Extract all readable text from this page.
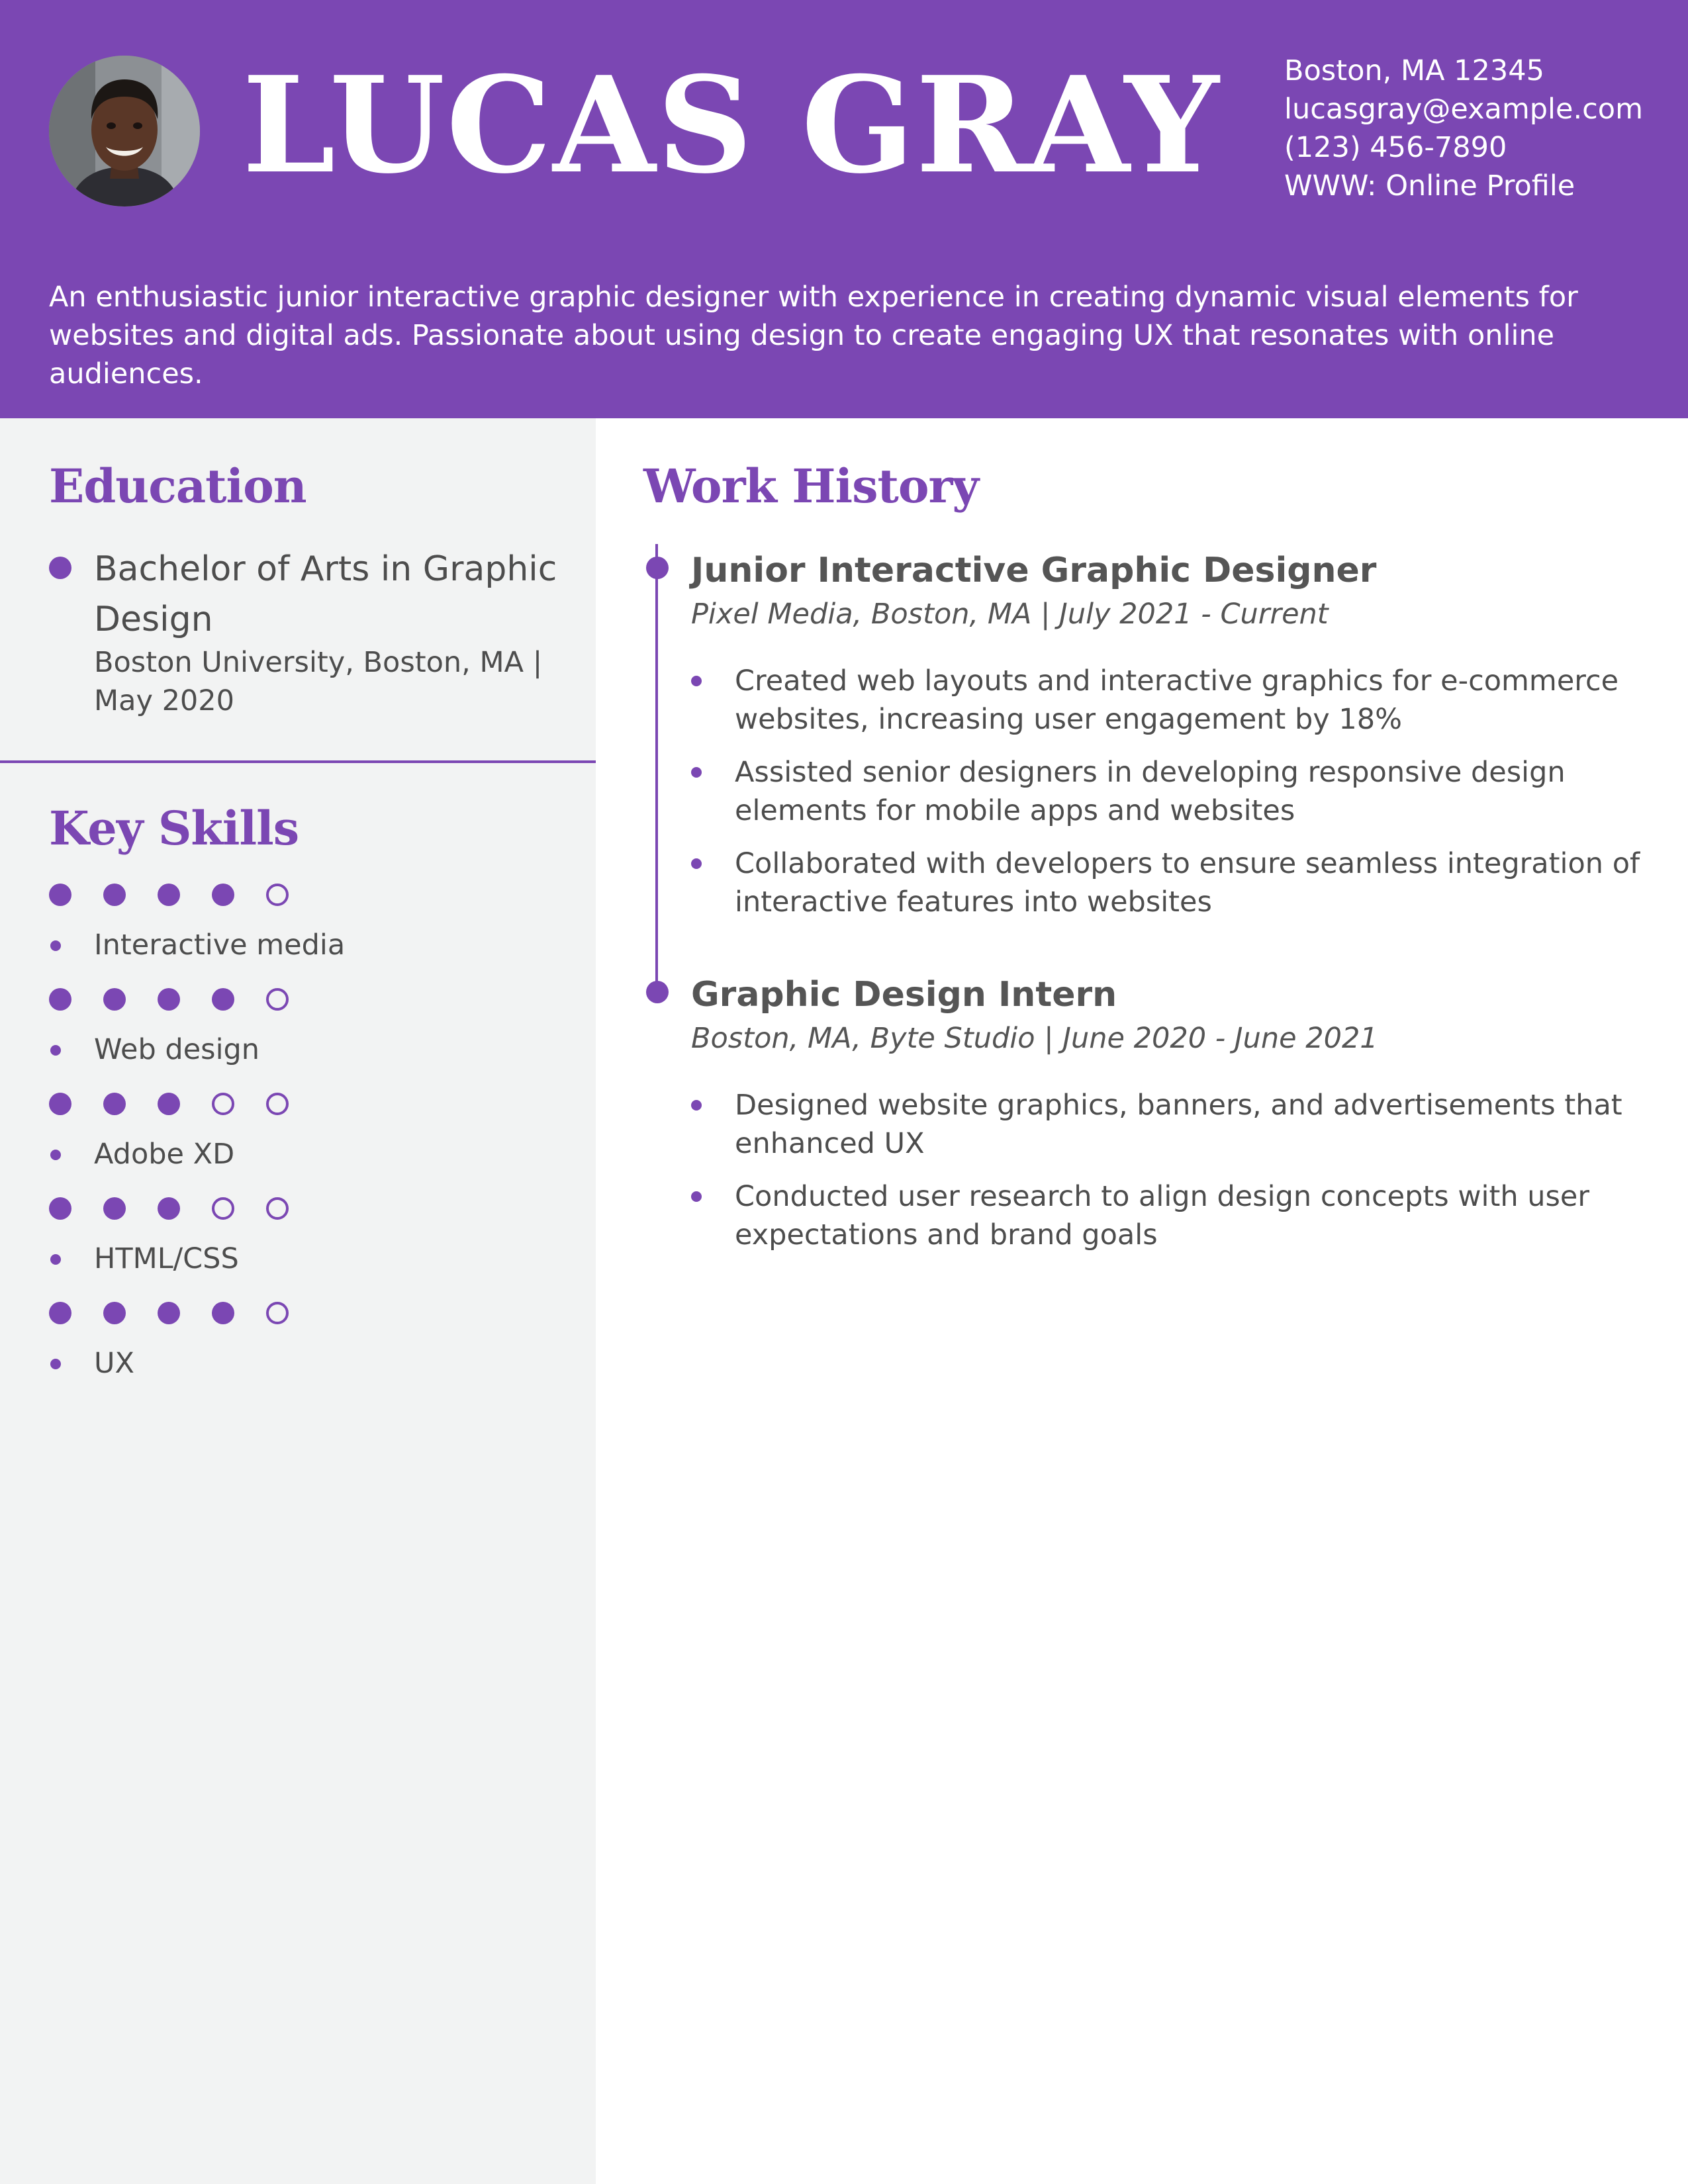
LUCAS GRAY Boston, MA 12345
lucasgray@example.com
(123) 456-7890
WWW: Online Profile
An enthusiastic junior interactive graphic designer with experience in creating dynamic visual elements for websites and digital ads. Passionate about using design to create engaging UX that resonates with online audiences.
Education
Bachelor of Arts in Graphic Design
Boston University, Boston, MA | May 2020
Key Skills
Interactive media
Web design
Adobe XD
HTML/CSS
UX
Work History
Junior Interactive Graphic Designer
Pixel Media, Boston, MA | July 2021 - Current
Created web layouts and interactive graphics for e-commerce websites, increasing user engagement by 18%
Assisted senior designers in developing responsive design elements for mobile apps and websites
Collaborated with developers to ensure seamless integration of interactive features into websites
Graphic Design Intern
Boston, MA, Byte Studio | June 2020 - June 2021
Designed website graphics, banners, and advertisements that enhanced UX
Conducted user research to align design concepts with user expectations and brand goals
